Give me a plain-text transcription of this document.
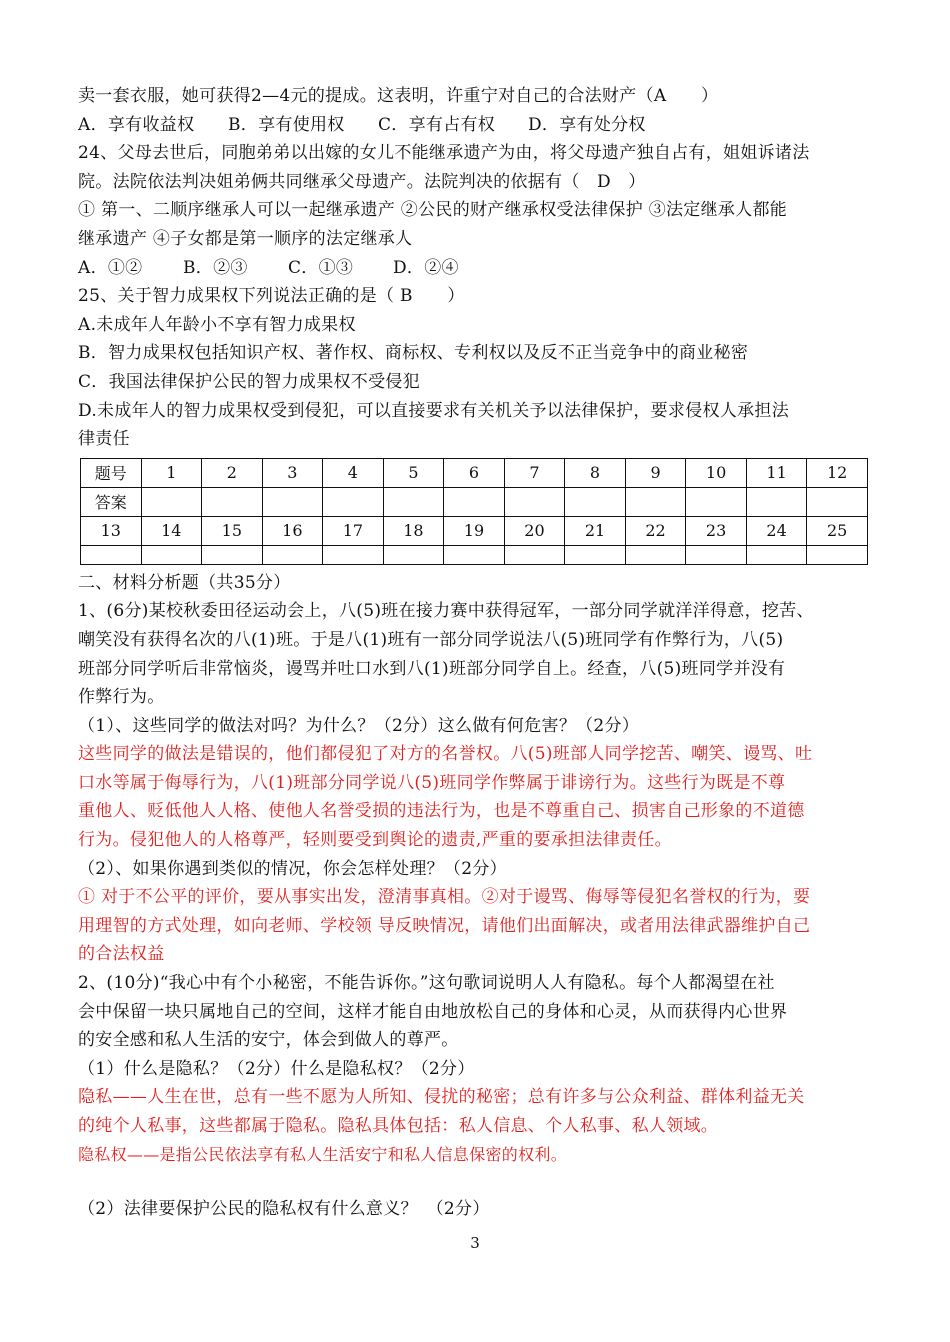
卖一套衣服，她可获得2—4元的提成。这表明，许重宁对自己的合法财产（A　　）
A．享有收益权 B．享有使用权 C．享有占有权 D．享有处分权
24、父母去世后，同胞弟弟以出嫁的女儿不能继承遗产为由，将父母遗产独自占有，姐姐诉诸法
院。法院依法判决姐弟俩共同继承父母遗产。法院判决的依据有（　D　）
① 第一、二顺序继承人可以一起继承遗产 ②公民的财产继承权受法律保护 ③法定继承人都能
继承遗产 ④子女都是第一顺序的法定继承人
A．①② B．②③ C．①③ D．②④
25、关于智力成果权下列说法正确的是（ B　　）
A.未成年人年龄小不享有智力成果权
B．智力成果权包括知识产权、著作权、商标权、专利权以及反不正当竞争中的商业秘密
C．我国法律保护公民的智力成果权不受侵犯
D.未成年人的智力成果权受到侵犯，可以直接要求有关机关予以法律保护，要求侵权人承担法
律责任
题号	1	2	3	4	5	6	7	8	9	10	11	12
答案												
13	14	15	16	17	18	19	20	21	22	23	24	25

二、材料分析题（共35分）
1、(6分)某校秋委田径运动会上，八(5)班在接力赛中获得冠军，一部分同学就洋洋得意，挖苦、
嘲笑没有获得名次的八(1)班。于是八(1)班有一部分同学说法八(5)班同学有作弊行为，八(5)
班部分同学听后非常恼炎，谩骂并吐口水到八(1)班部分同学自上。经查，八(5)班同学并没有
作弊行为。
（1）、这些同学的做法对吗？为什么？（2分）这么做有何危害？（2分）
这些同学的做法是错误的，他们都侵犯了对方的名誉权。八(5)班部人同学挖苦、嘲笑、谩骂、吐
口水等属于侮辱行为，八(1)班部分同学说八(5)班同学作弊属于诽谤行为。这些行为既是不尊
重他人、贬低他人人格、使他人名誉受损的违法行为，也是不尊重自己、损害自己形象的不道德
行为。侵犯他人的人格尊严，轻则要受到舆论的遗责,严重的要承担法律责任。
（2）、如果你遇到类似的情况，你会怎样处理？（2分）
① 对于不公平的评价，要从事实出发，澄清事真相。②对于谩骂、侮辱等侵犯名誉权的行为，要
用理智的方式处理，如向老师、学校领 导反映情况，请他们出面解决，或者用法律武器维护自己
的合法权益
2、(10分)“我心中有个小秘密，不能告诉你。”这句歌词说明人人有隐私。每个人都渴望在社
会中保留一块只属地自己的空间，这样才能自由地放松自己的身体和心灵，从而获得内心世界
的安全感和私人生活的安宁，体会到做人的尊严。
（1）什么是隐私？（2分）什么是隐私权？（2分）
隐私——人生在世，总有一些不愿为人所知、侵扰的秘密；总有许多与公众利益、群体利益无关
的纯个人私事，这些都属于隐私。隐私具体包括：私人信息、个人私事、私人领域。
隐私权——是指公民依法享有私人生活安宁和私人信息保密的权利。
（2）法律要保护公民的隐私权有什么意义？　（2分）
3
